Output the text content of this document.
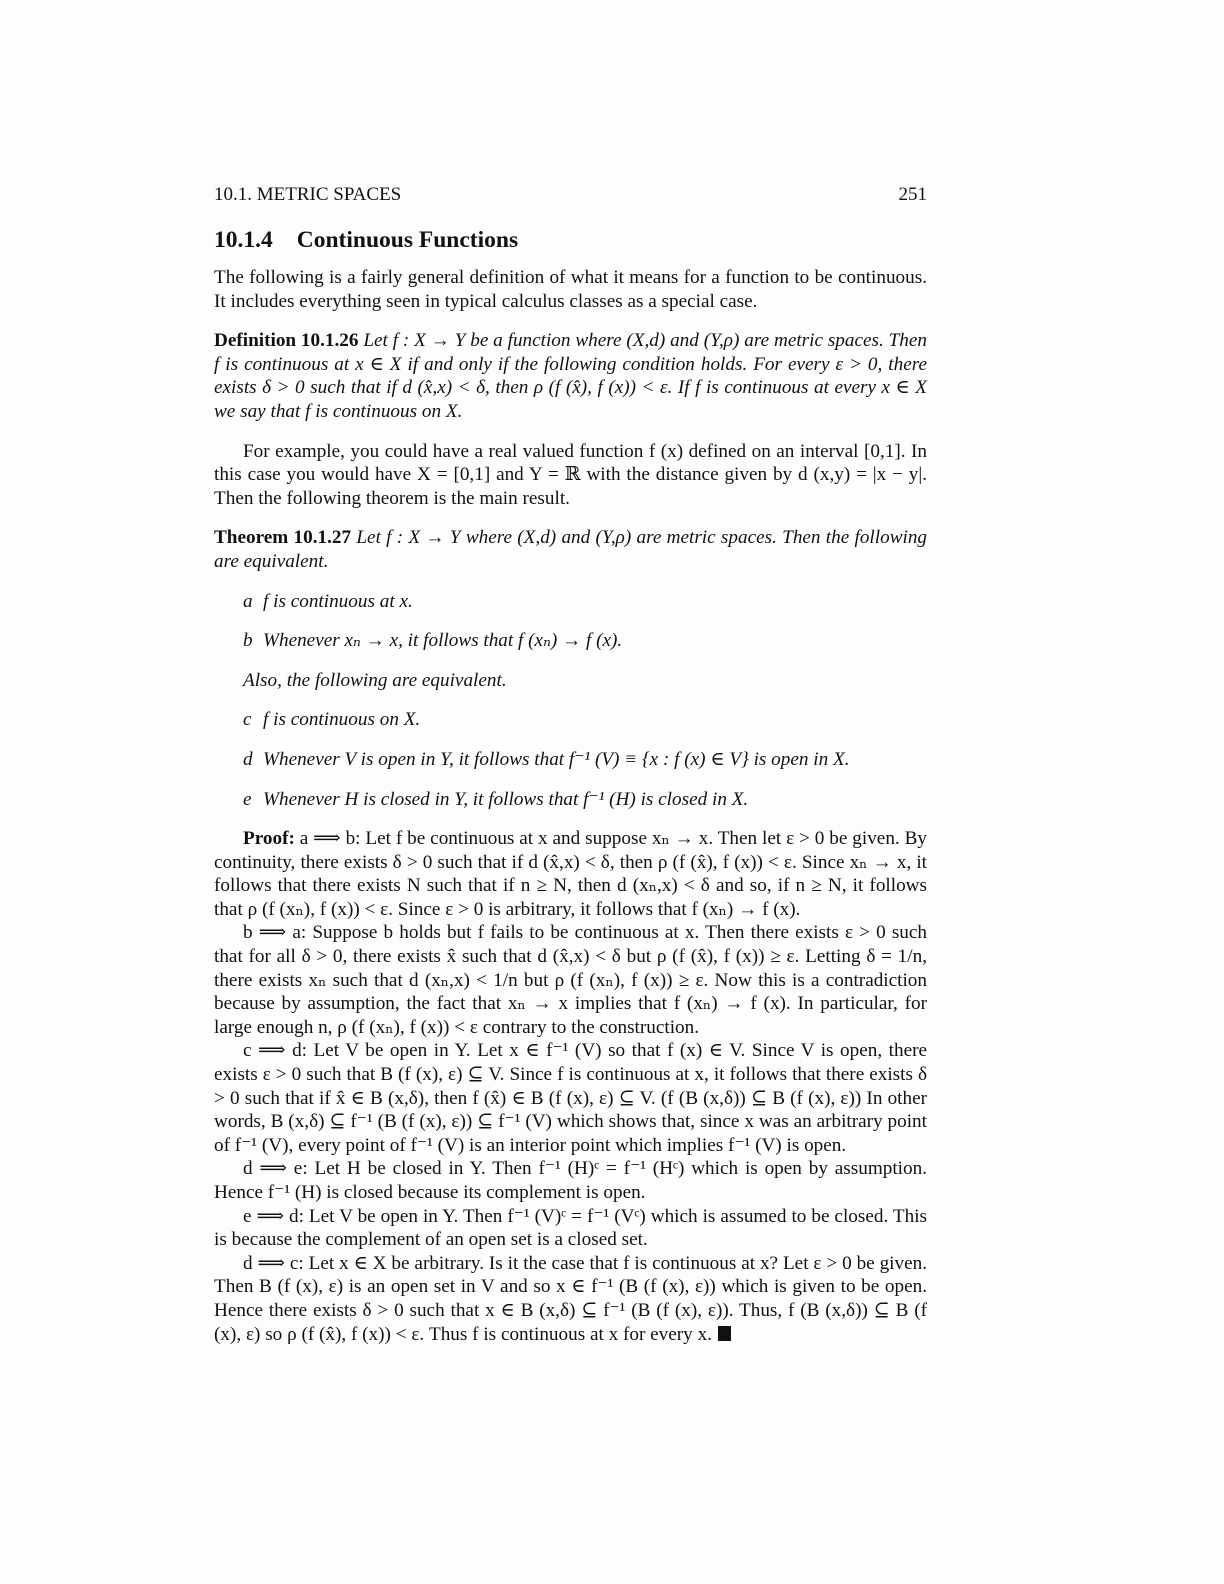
10.1. METRIC SPACES	251
10.1.4 Continuous Functions

The following is a fairly general definition of what it means for a function to be continuous. It includes everything seen in typical calculus classes as a special case.

Definition 10.1.26 Let f : X → Y be a function where (X,d) and (Y,ρ) are metric spaces. Then f is continuous at x ∈ X if and only if the following condition holds. For every ε > 0, there exists δ > 0 such that if d (x̂,x) < δ, then ρ (f (x̂), f (x)) < ε. If f is continuous at every x ∈ X we say that f is continuous on X.

For example, you could have a real valued function f (x) defined on an interval [0,1]. In this case you would have X = [0,1] and Y = ℝ with the distance given by d (x,y) = |x − y|. Then the following theorem is the main result.

Theorem 10.1.27 Let f : X → Y where (X,d) and (Y,ρ) are metric spaces. Then the following are equivalent.

a f is continuous at x.
b Whenever xₙ → x, it follows that f (xₙ) → f (x).
Also, the following are equivalent.
c f is continuous on X.
d Whenever V is open in Y, it follows that f⁻¹ (V) ≡ {x : f (x) ∈ V} is open in X.
e Whenever H is closed in Y, it follows that f⁻¹ (H) is closed in X.

Proof: a ⟹ b: Let f be continuous at x and suppose xₙ → x. Then let ε > 0 be given. By continuity, there exists δ > 0 such that if d (x̂,x) < δ, then ρ (f (x̂), f (x)) < ε. Since xₙ → x, it follows that there exists N such that if n ≥ N, then d (xₙ,x) < δ and so, if n ≥ N, it follows that ρ (f (xₙ), f (x)) < ε. Since ε > 0 is arbitrary, it follows that f (xₙ) → f (x).

b ⟹ a: Suppose b holds but f fails to be continuous at x. Then there exists ε > 0 such that for all δ > 0, there exists x̂ such that d (x̂,x) < δ but ρ (f (x̂), f (x)) ≥ ε. Letting δ = 1/n, there exists xₙ such that d (xₙ,x) < 1/n but ρ (f (xₙ), f (x)) ≥ ε. Now this is a contradiction because by assumption, the fact that xₙ → x implies that f (xₙ) → f (x). In particular, for large enough n, ρ (f (xₙ), f (x)) < ε contrary to the construction.

c ⟹ d: Let V be open in Y. Let x ∈ f⁻¹ (V) so that f (x) ∈ V. Since V is open, there exists ε > 0 such that B (f (x), ε) ⊆ V. Since f is continuous at x, it follows that there exists δ > 0 such that if x̂ ∈ B (x,δ), then f (x̂) ∈ B (f (x), ε) ⊆ V. (f (B (x,δ)) ⊆ B (f (x), ε)) In other words, B (x,δ) ⊆ f⁻¹ (B (f (x), ε)) ⊆ f⁻¹ (V) which shows that, since x was an arbitrary point of f⁻¹ (V), every point of f⁻¹ (V) is an interior point which implies f⁻¹ (V) is open.

d ⟹ e: Let H be closed in Y. Then f⁻¹ (H)ᶜ = f⁻¹ (Hᶜ) which is open by assumption. Hence f⁻¹ (H) is closed because its complement is open.

e ⟹ d: Let V be open in Y. Then f⁻¹ (V)ᶜ = f⁻¹ (Vᶜ) which is assumed to be closed. This is because the complement of an open set is a closed set.

d ⟹ c: Let x ∈ X be arbitrary. Is it the case that f is continuous at x? Let ε > 0 be given. Then B (f (x), ε) is an open set in V and so x ∈ f⁻¹ (B (f (x), ε)) which is given to be open. Hence there exists δ > 0 such that x ∈ B (x,δ) ⊆ f⁻¹ (B (f (x), ε)). Thus, f (B (x,δ)) ⊆ B (f (x), ε) so ρ (f (x̂), f (x)) < ε. Thus f is continuous at x for every x.
